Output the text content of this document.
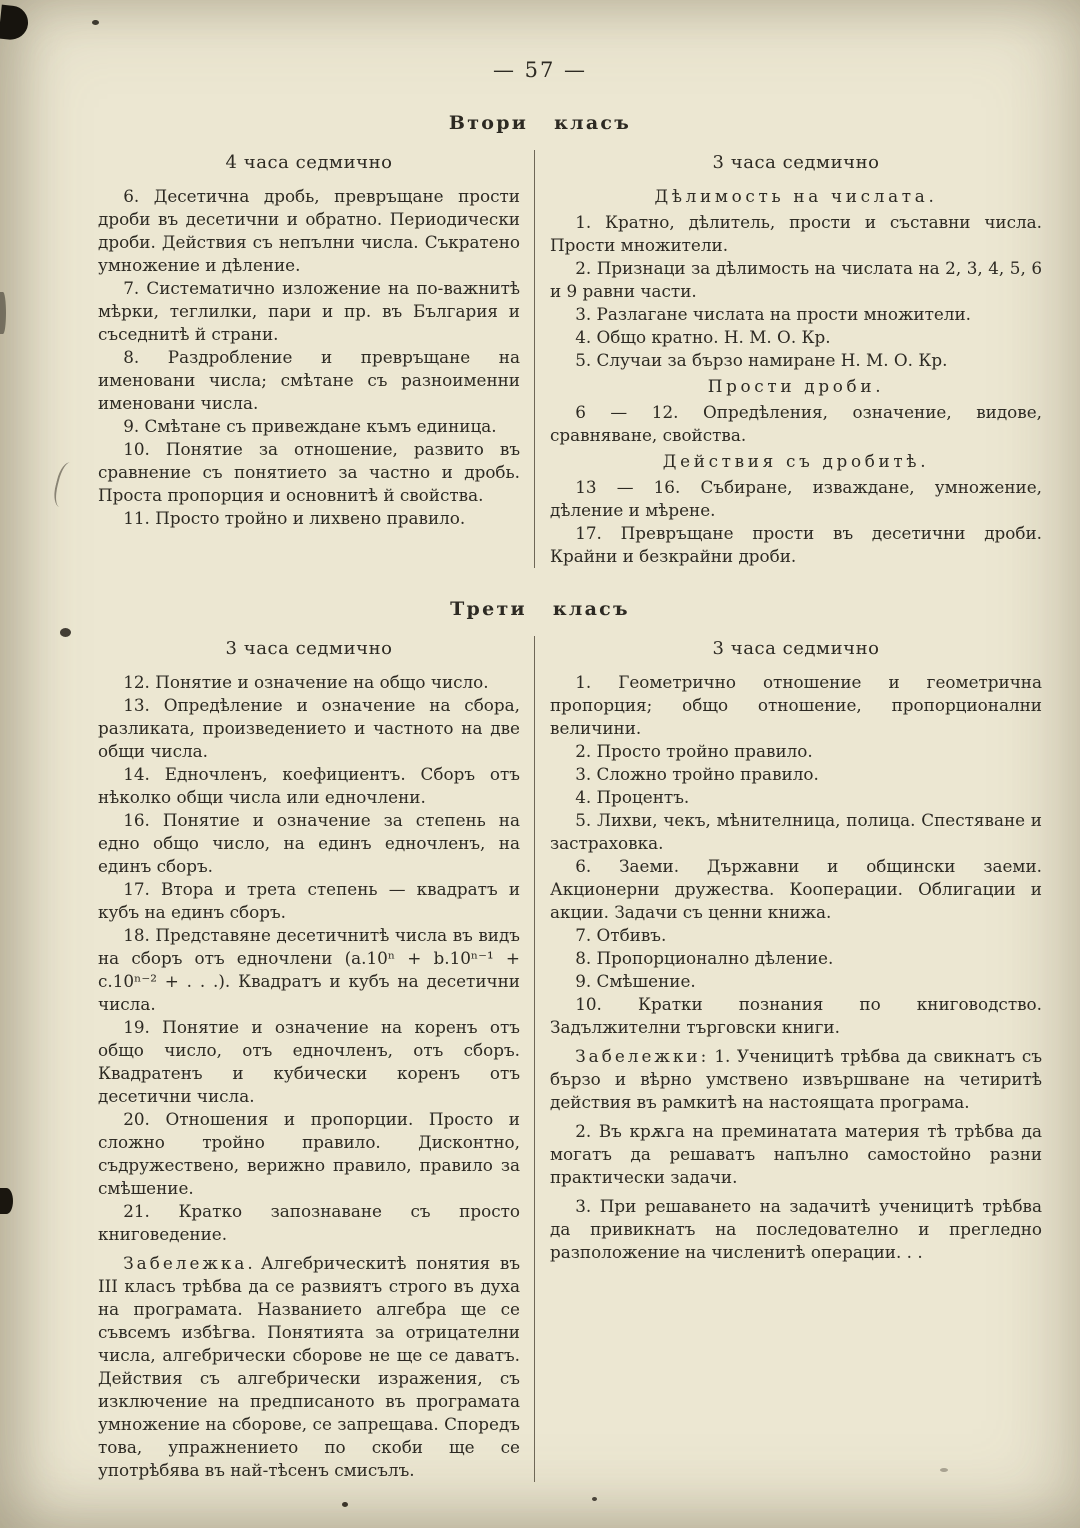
— 57 —
Втори класъ
4 часа седмично

6. Десетична дробь, превръщане прости дроби въ десетични и обратно. Периодически дроби. Действия съ непълни числа. Съкратено умножение и дѣление.

7. Систематично изложение на по-важнитѣ мѣрки, теглилки, пари и пр. въ България и съседнитѣ й страни.

8. Раздробление и превръщане на именовани числа; смѣтане съ разноименни именовани числа.

9. Смѣтане съ привеждане къмъ единица.

10. Понятие за отношение, развито въ сравнение съ понятието за частно и дробь. Проста пропорция и основнитѣ й свойства.

11. Просто тройно и лихвено правило.

3 часа седмично
Дѣлимость на числата.

1. Кратно, дѣлитель, прости и съставни числа. Прости множители.

2. Признаци за дѣлимость на числата на 2, 3, 4, 5, 6 и 9 равни части.

3. Разлагане числата на прости множители.

4. Общо кратно. Н. М. О. Кр.

5. Случаи за бързо намиране Н. М. О. Кр.

Прости дроби.

6 — 12. Опредѣления, означение, видове, сравняване, свойства.

Действия съ дробитѣ.

13 — 16. Събиране, изваждане, умножение, дѣление и мѣрене.

17. Превръщане прости въ десетични дроби. Крайни и безкрайни дроби.

Трети класъ
3 часа седмично

12. Понятие и означение на общо число.

13. Опредѣление и означение на сбора, разликата, произведението и частното на две общи числа.

14. Едночленъ, коефициентъ. Сборъ отъ нѣколко общи числа или едночлени.

16. Понятие и означение за степень на едно общо число, на единъ едночленъ, на единъ сборъ.

17. Втора и трета степень — квадратъ и кубъ на единъ сборъ.

18. Представяне десетичнитѣ числа въ видъ на сборъ отъ едночлени (a.10ⁿ + b.10ⁿ⁻¹ + c.10ⁿ⁻² + . . .). Квадратъ и кубъ на десетични числа.

19. Понятие и означение на коренъ отъ общо число, отъ едночленъ, отъ сборъ. Квадратенъ и кубически коренъ отъ десетични числа.

20. Отношения и пропорции. Просто и сложно тройно правило. Дисконтно, съдружествено, верижно правило, правило за смѣшение.

21. Кратко запознаване съ просто книговедение.

Забележка. Алгебрическитѣ понятия въ III класъ трѣбва да се развиятъ строго въ духа на програмата. Названието алгебра ще се съвсемъ избѣгва. Понятията за отрицателни числа, алгебрически сборове не ще се даватъ. Действия съ алгебрически изражения, съ изключение на предписаното въ програмата умножение на сборове, се запрещава. Споредъ това, упражнението по скоби ще се употрѣбява въ най-тѣсенъ смисълъ.

3 часа седмично

1. Геометрично отношение и геометрична пропорция; общо отношение, пропорционални величини.

2. Просто тройно правило.

3. Сложно тройно правило.

4. Процентъ.

5. Лихви, чекъ, мѣнителница, полица. Спестяване и застраховка.

6. Заеми. Държавни и общински заеми. Акционерни дружества. Кооперации. Облигации и акции. Задачи съ ценни книжа.

7. Отбивъ.

8. Пропорционално дѣление.

9. Смѣшение.

10. Кратки познания по книговодство. Задължителни търговски книги.

Забележки: 1. Ученицитѣ трѣбва да свикнатъ съ бързо и вѣрно умствено извършване на четиритѣ действия въ рамкитѣ на настоящата програма.

2. Въ крѫга на преминатата материя тѣ трѣбва да могатъ да решаватъ напълно самостойно разни практически задачи.

3. При решаването на задачитѣ ученицитѣ трѣбва да привикнатъ на последователно и прегледно разположение на численитѣ операции. . .
